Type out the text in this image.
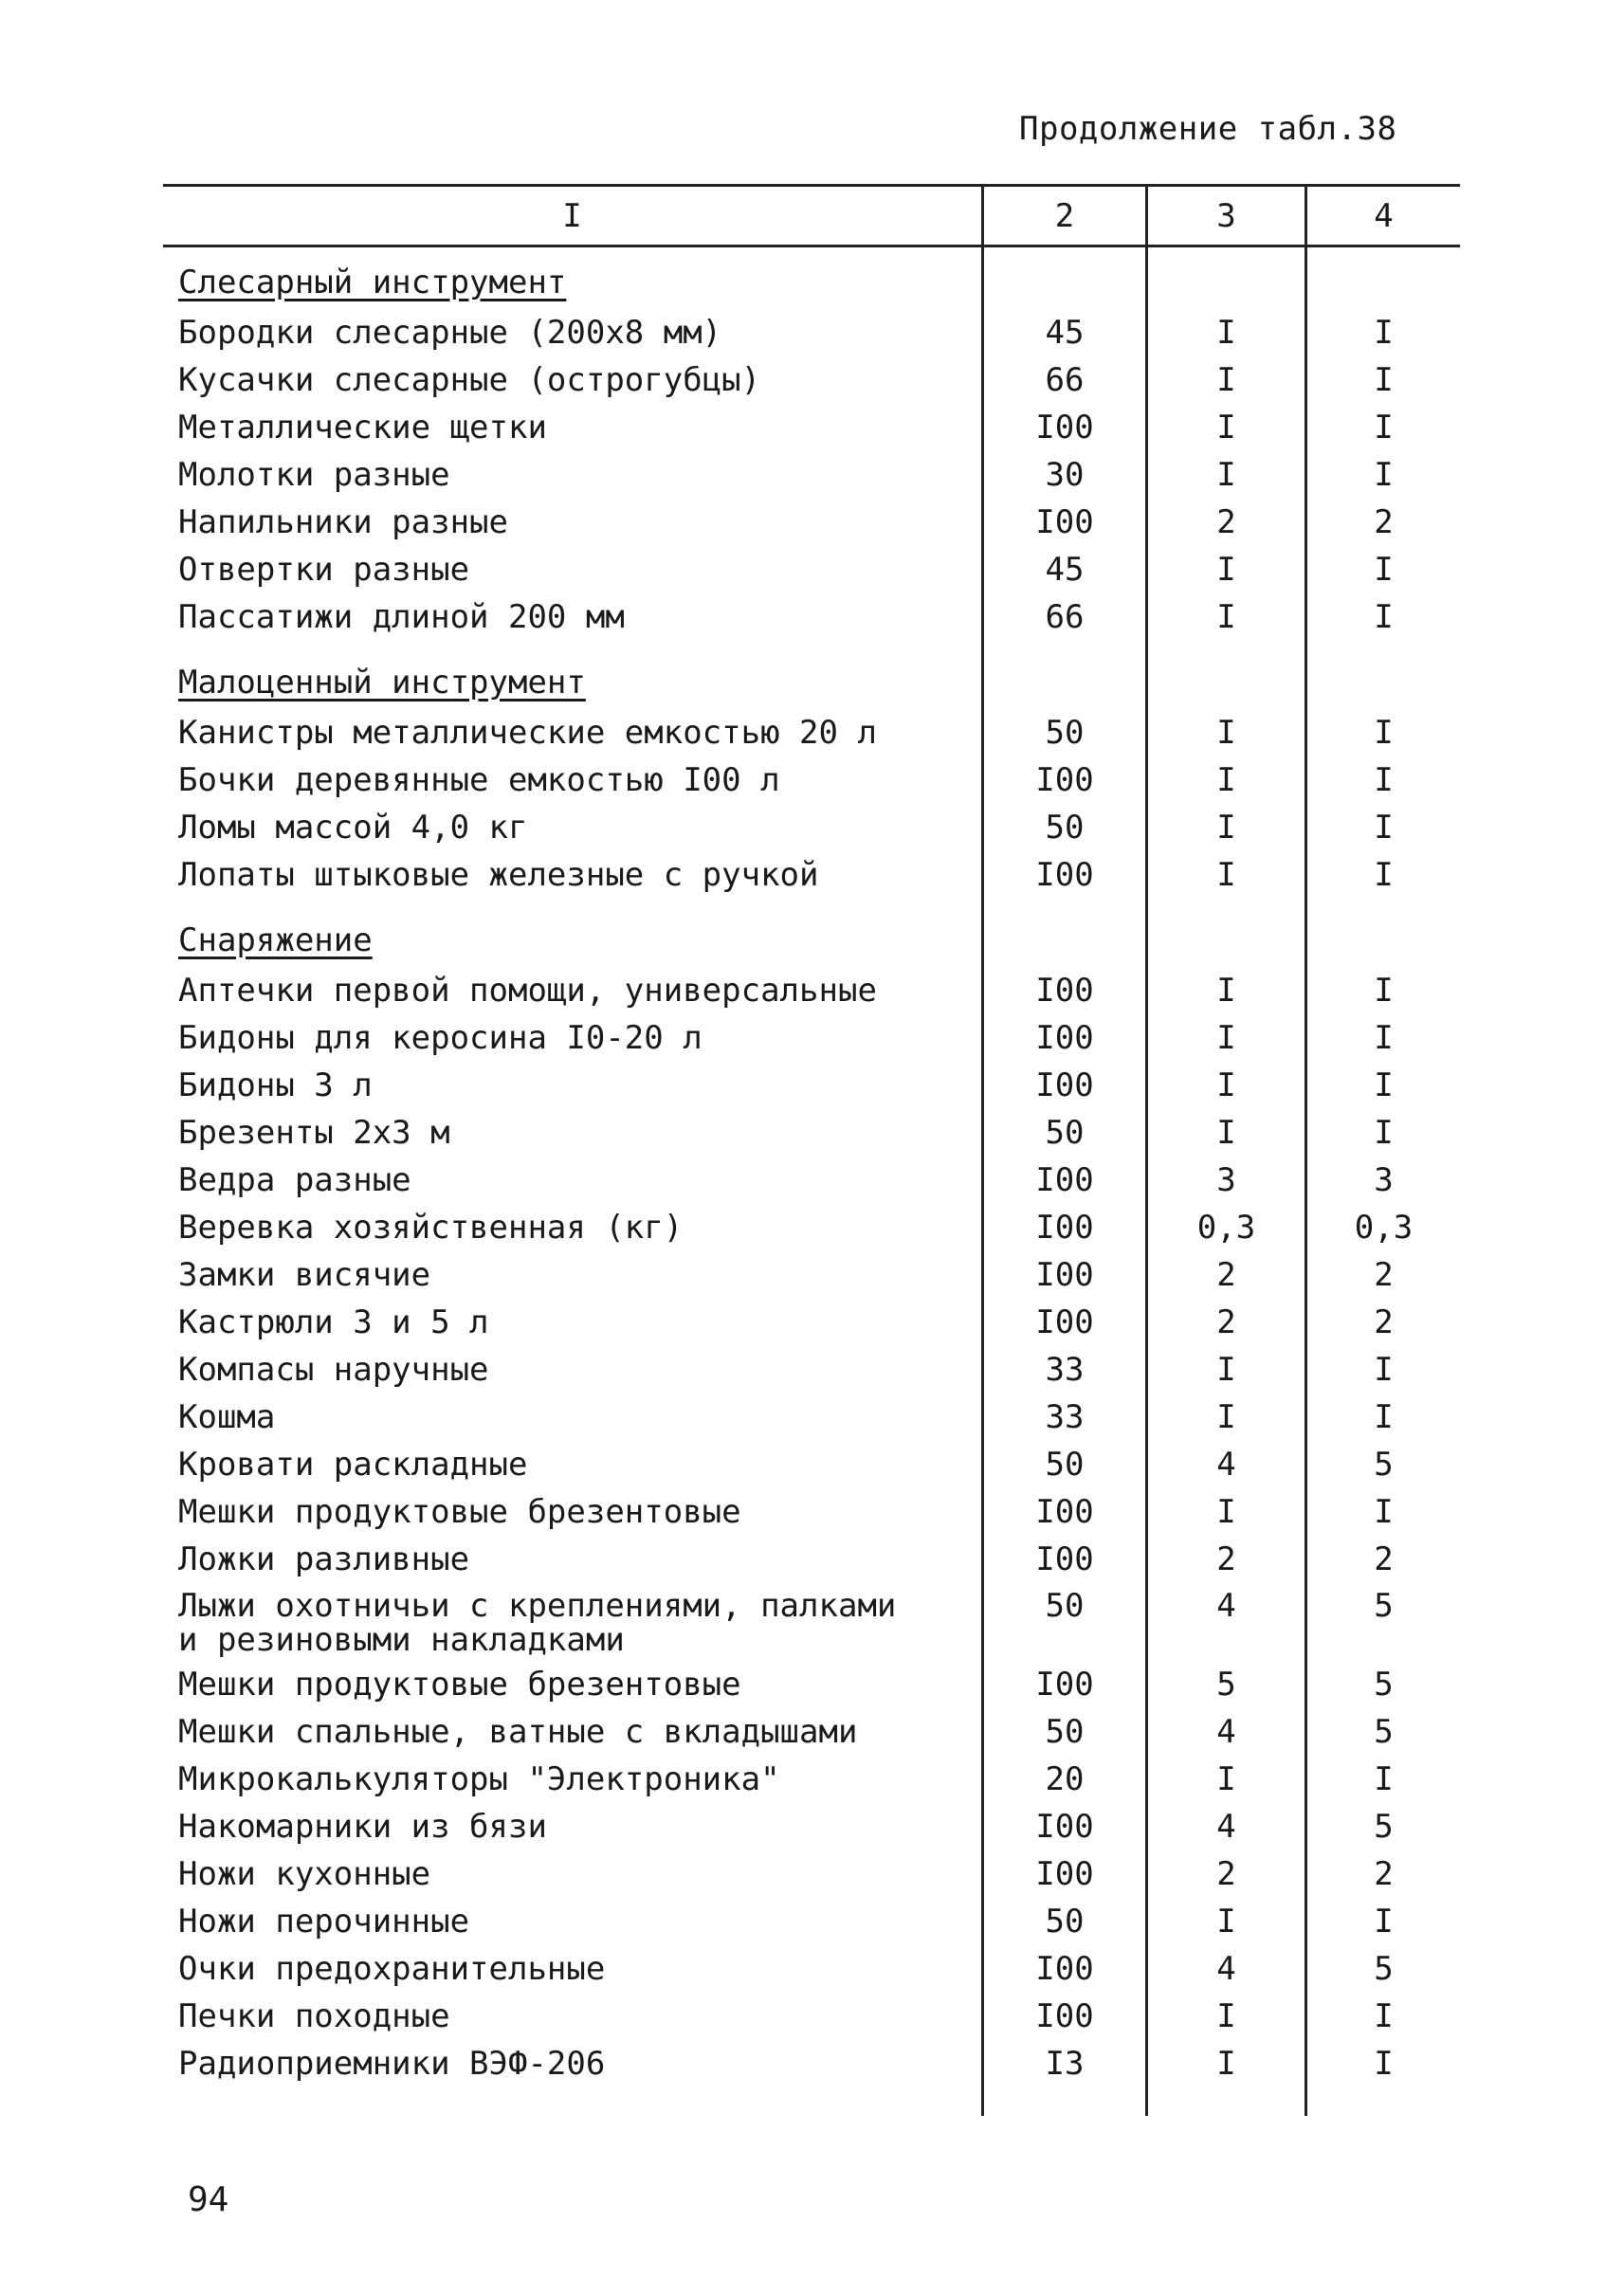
Продолжение табл.38
I	2	3	4
Слесарный инструмент
Бородки слесарные (200х8 мм)	45	I	I
Кусачки слесарные (острогубцы)	66	I	I
Металлические щетки	I00	I	I
Молотки разные	30	I	I
Напильники разные	I00	2	2
Отвертки разные	45	I	I
Пассатижи длиной 200 мм	66	I	I
Малоценный инструмент
Канистры металлические емкостью 20 л	50	I	I
Бочки деревянные емкостью I00 л	I00	I	I
Ломы массой 4,0 кг	50	I	I
Лопаты штыковые железные с ручкой	I00	I	I
Снаряжение
Аптечки первой помощи, универсальные	I00	I	I
Бидоны для керосина I0-20 л	I00	I	I
Бидоны 3 л	I00	I	I
Брезенты 2х3 м	50	I	I
Ведра разные	I00	3	3
Веревка хозяйственная (кг)	I00	0,3	0,3
Замки висячие	I00	2	2
Кастрюли 3 и 5 л	I00	2	2
Компасы наручные	33	I	I
Кошма	33	I	I
Кровати раскладные	50	4	5
Мешки продуктовые брезентовые	I00	I	I
Ложки разливные	I00	2	2
Лыжи охотничьи с креплениями, палками
и резиновыми накладками
50	4	5
Мешки продуктовые брезентовые	I00	5	5
Мешки спальные, ватные с вкладышами	50	4	5
Микрокалькуляторы "Электроника"	20	I	I
Накомарники из бязи	I00	4	5
Ножи кухонные	I00	2	2
Ножи перочинные	50	I	I
Очки предохранительные	I00	4	5
Печки походные	I00	I	I
Радиоприемники ВЭФ-206	I3	I	I
94
